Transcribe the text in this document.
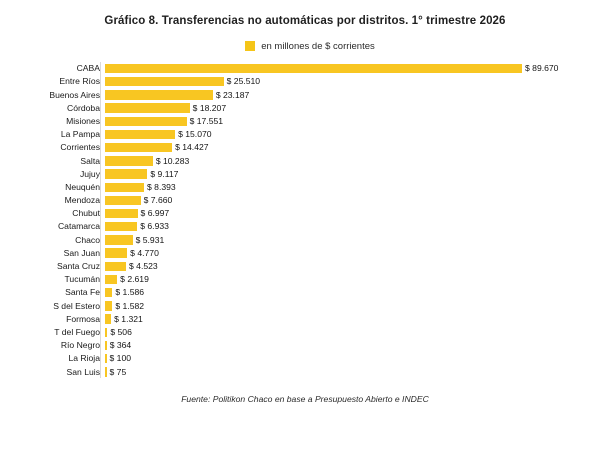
Gráfico 8. Transferencias no automáticas por distritos. 1° trimestre 2026
en millones de $ corrientes
CABA	$ 89.670
Entre Ríos	$ 25.510
Buenos Aires	$ 23.187
Córdoba	$ 18.207
Misiones	$ 17.551
La Pampa	$ 15.070
Corrientes	$ 14.427
Salta	$ 10.283
Jujuy	$ 9.117
Neuquén	$ 8.393
Mendoza	$ 7.660
Chubut	$ 6.997
Catamarca	$ 6.933
Chaco	$ 5.931
San Juan	$ 4.770
Santa Cruz	$ 4.523
Tucumán	$ 2.619
Santa Fe	$ 1.586
S del Estero	$ 1.582
Formosa	$ 1.321
T del Fuego	$ 506
Río Negro	$ 364
La Rioja	$ 100
San Luis	$ 75
Fuente: Politikon Chaco en base a Presupuesto Abierto e INDEC
